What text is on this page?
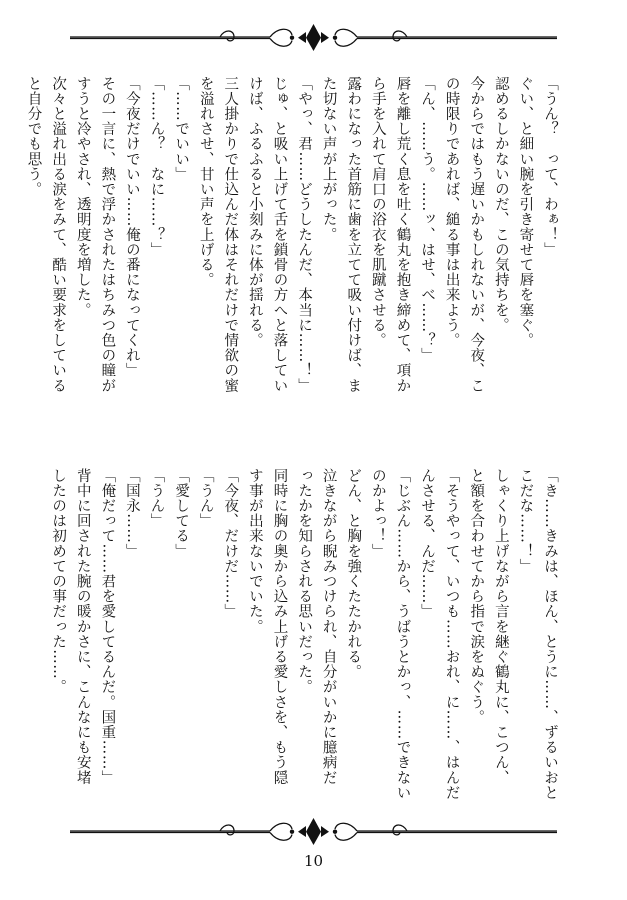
「うん？　って、わぁ！」
ぐい、と細い腕を引き寄せて唇を塞ぐ。
認めるしかないのだ、この気持ちを。
今からではもう遅いかもしれないが、今夜、こ
の時限りであれば、縋る事は出来よう。
「ん、……う。……ッ、はせ、べ……？」
唇を離し荒く息を吐く鶴丸を抱き締めて、項か
ら手を入れて肩口の浴衣を肌蹴させる。
露わになった首筋に歯を立てて吸い付けば、ま
た切ない声が上がった。
「やっ、君……どうしたんだ、本当に……！」
じゅ、と吸い上げて舌を鎖骨の方へと落してい
けば、ふるふると小刻みに体が揺れる。
三人掛かりで仕込んだ体はそれだけで情欲の蜜
を溢れさせ、甘い声を上げる。
「……でいい」
「……ん？　なに……？」
「今夜だけでいい……俺の番になってくれ」
その一言に、熱で浮かされたはちみつ色の瞳が
すうと冷やされ、透明度を増した。
次々と溢れ出る涙をみて、酷い要求をしている
と自分でも思う。
「き……きみは、ほん、とうに……、ずるいおと
こだな……！」
しゃくり上げながら言を継ぐ鶴丸に、こつん、
と額を合わせてから指で涙をぬぐう。
「そうやって、いつも……おれ、に……、はんだ
んさせる、んだ……」
「じぶん……から、うばうとかっ、……できない
のかよっ！」
どん、と胸を強くたたかれる。
泣きながら睨みつけられ、自分がいかに臆病だ
ったかを知らされる思いだった。
同時に胸の奥から込み上げる愛しさを、もう隠
す事が出来ないでいた。
「今夜、だけだ……」
「うん」
「愛してる」
「うん」
「国永……」
「俺だって……君を愛してるんだ。国重……」
背中に回された腕の暖かさに、こんなにも安堵
したのは初めての事だった……。
10
